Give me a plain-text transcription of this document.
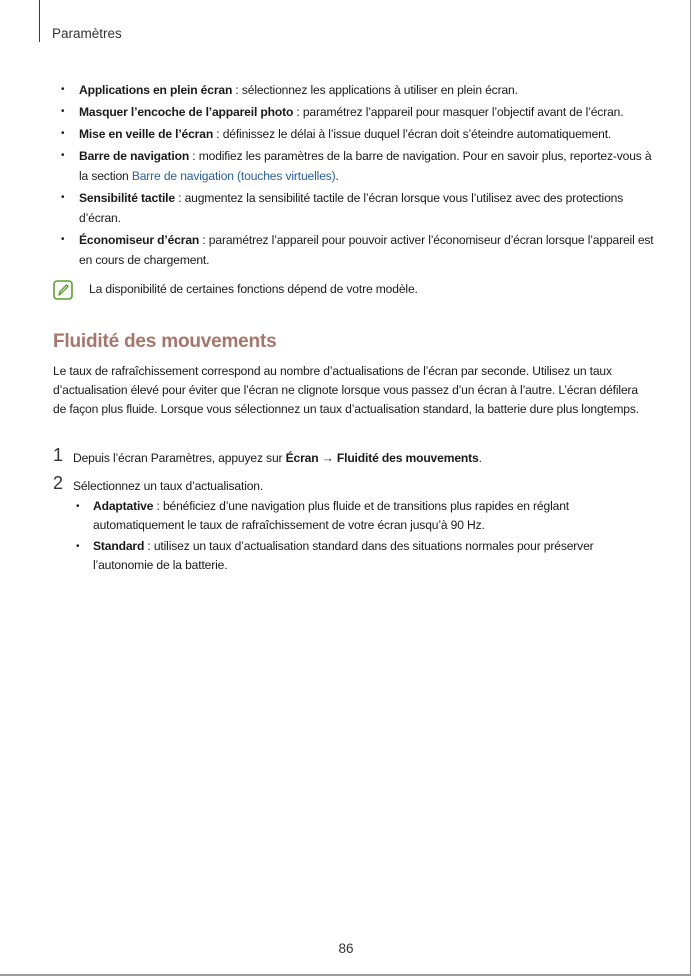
Paramètres
• Applications en plein écran : sélectionnez les applications à utiliser en plein écran.
• Masquer l’encoche de l’appareil photo : paramétrez l’appareil pour masquer l’objectif avant de l’écran.
• Mise en veille de l’écran : définissez le délai à l’issue duquel l’écran doit s’éteindre automatiquement.
• Barre de navigation : modifiez les paramètres de la barre de navigation. Pour en savoir plus, reportez-vous à la section Barre de navigation (touches virtuelles).
• Sensibilité tactile : augmentez la sensibilité tactile de l’écran lorsque vous l’utilisez avec des protections d’écran.
• Économiseur d’écran : paramétrez l’appareil pour pouvoir activer l’économiseur d’écran lorsque l’appareil est en cours de chargement.
La disponibilité de certaines fonctions dépend de votre modèle.
Fluidité des mouvements

Le taux de rafraîchissement correspond au nombre d’actualisations de l’écran par seconde. Utilisez un taux d’actualisation élevé pour éviter que l’écran ne clignote lorsque vous passez d’un écran à l’autre. L’écran défilera de façon plus fluide. Lorsque vous sélectionnez un taux d’actualisation standard, la batterie dure plus longtemps.

1 Depuis l’écran Paramètres, appuyez sur Écran → Fluidité des mouvements.
2 Sélectionnez un taux d’actualisation.
• Adaptative : bénéficiez d’une navigation plus fluide et de transitions plus rapides en réglant automatiquement le taux de rafraîchissement de votre écran jusqu’à 90 Hz.
• Standard : utilisez un taux d’actualisation standard dans des situations normales pour préserver l’autonomie de la batterie.
86
